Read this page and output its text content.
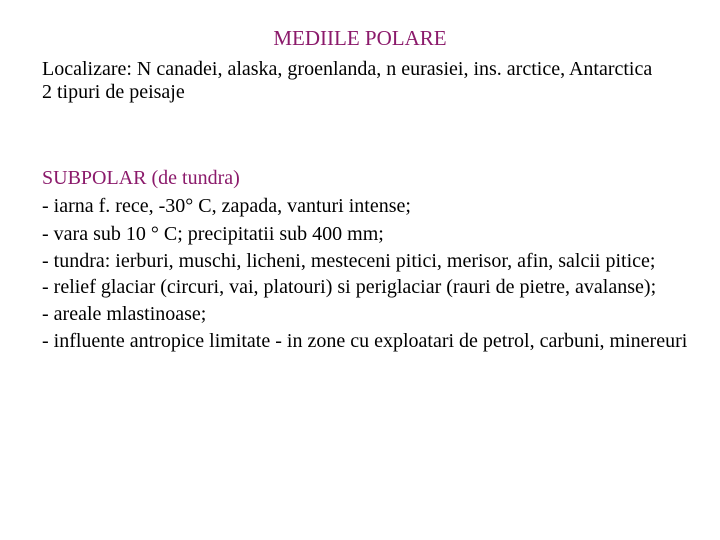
MEDIILE POLARE

Localizare: N canadei, alaska, groenlanda, n eurasiei, ins. arctice, Antarctica

2 tipuri de peisaje

SUBPOLAR (de tundra)

- iarna f. rece, -30° C, zapada, vanturi intense;

- vara sub 10 ° C; precipitatii sub 400 mm;

- tundra: ierburi, muschi, licheni, mesteceni pitici, merisor, afin, salcii pitice;

- relief glaciar (circuri, vai, platouri) si periglaciar (rauri de pietre, avalanse);

- areale mlastinoase;

- influente antropice limitate - in zone cu exploatari de petrol, carbuni, minereuri
